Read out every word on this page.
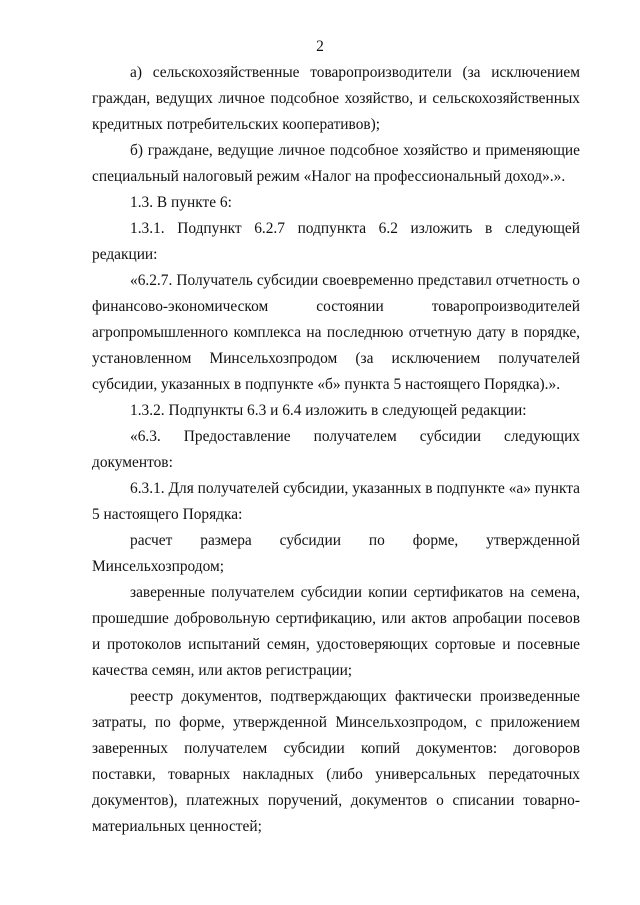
2

а) сельскохозяйственные товаропроизводители (за исключением граждан, ведущих личное подсобное хозяйство, и сельскохозяйственных кредитных потребительских кооперативов);

б) граждане, ведущие личное подсобное хозяйство и применяющие специальный налоговый режим «Налог на профессиональный доход».».

1.3. В пункте 6:

1.3.1. Подпункт 6.2.7 подпункта 6.2 изложить в следующей редакции:

«6.2.7. Получатель субсидии своевременно представил отчетность о финансово-экономическом состоянии товаропроизводителей агропромышленного комплекса на последнюю отчетную дату в порядке, установленном Минсельхозпродом (за исключением получателей субсидии, указанных в подпункте «б» пункта 5 настоящего Порядка).».

1.3.2. Подпункты 6.3 и 6.4 изложить в следующей редакции:

«6.3. Предоставление получателем субсидии следующих документов:

6.3.1. Для получателей субсидии, указанных в подпункте «а» пункта 5 настоящего Порядка:

расчет размера субсидии по форме, утвержденной Минсельхозпродом;

заверенные получателем субсидии копии сертификатов на семена, прошедшие добровольную сертификацию, или актов апробации посевов и протоколов испытаний семян, удостоверяющих сортовые и посевные качества семян, или актов регистрации;

реестр документов, подтверждающих фактически произведенные затраты, по форме, утвержденной Минсельхозпродом, с приложением заверенных получателем субсидии копий документов: договоров поставки, товарных накладных (либо универсальных передаточных документов), платежных поручений, документов о списании товарно-материальных ценностей;
